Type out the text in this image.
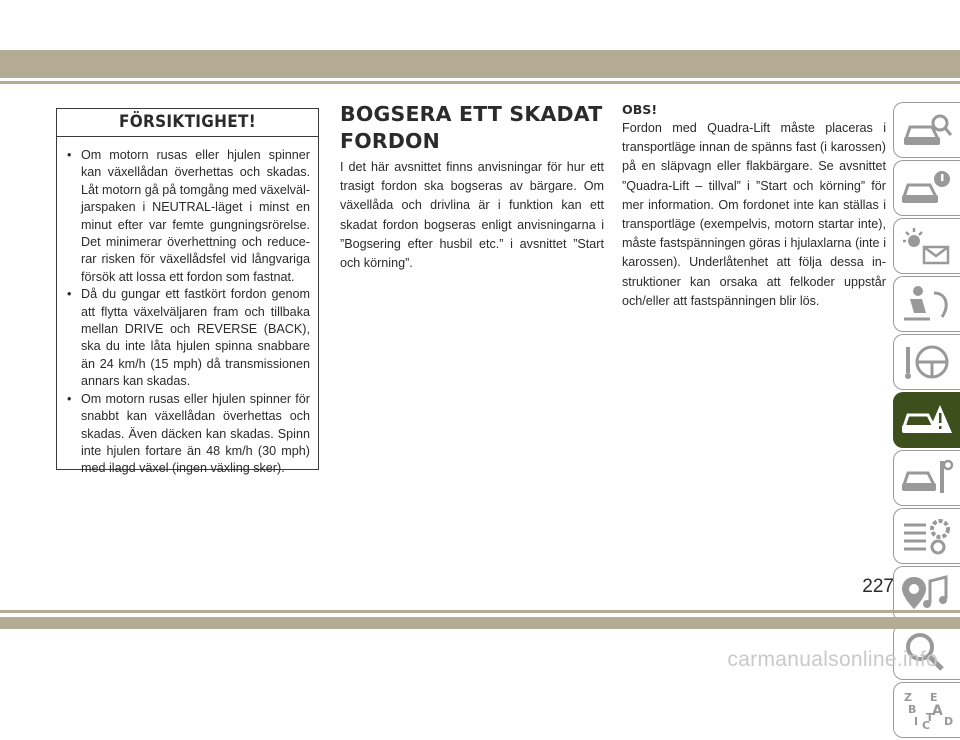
FÖRSIKTIGHET!
• Om motorn rusas eller hjulen spinner kan växellådan överhettas och skadas. Låt motorn gå på tomgång med växelväljarspaken i NEUTRAL-läget i minst en minut efter var femte gungningsrörelse. Det minimerar överhettning och reducerar risken för växellådsfel vid långvariga försök att lossa ett fordon som fastnat.
• Då du gungar ett fastkört fordon genom att flytta växelväljaren fram och tillbaka mellan DRIVE och REVERSE (BACK), ska du inte låta hjulen spinna snabbare än 24 km/h (15 mph) då transmissionen annars kan skadas.
• Om motorn rusas eller hjulen spinner för snabbt kan växellådan överhettas och skadas. Även däcken kan skadas. Spinn inte hjulen fortare än 48 km/h (30 mph) med ilagd växel (ingen växling sker).
BOGSERA ETT SKADAT
FORDON

I det här avsnittet finns anvisningar för hur ett trasigt fordon ska bogseras av bärgare. Om växellåda och drivlina är i funktion kan ett skadat fordon bogseras enligt anvisningarna i ”Bogsering efter husbil etc.” i avsnittet ”Start och körning”.

OBS!

Fordon med Quadra-Lift måste placeras i transportläge innan de spänns fast (i karossen) på en släpvagn eller flakbärgare. Se avsnittet ”Quadra-Lift – tillval” i ”Start och körning” för mer information. Om fordonet inte kan ställas i transportläge (exempelvis, motorn startar inte), måste fastspänningen göras i hjulaxlarna (inte i karossen). Underlåtenhet att följa dessa instruktioner kan orsaka att felkoder uppstår och/eller att fastspänningen blir lös.

Z E
B A
I C D
T
227
carmanualsonline.info
